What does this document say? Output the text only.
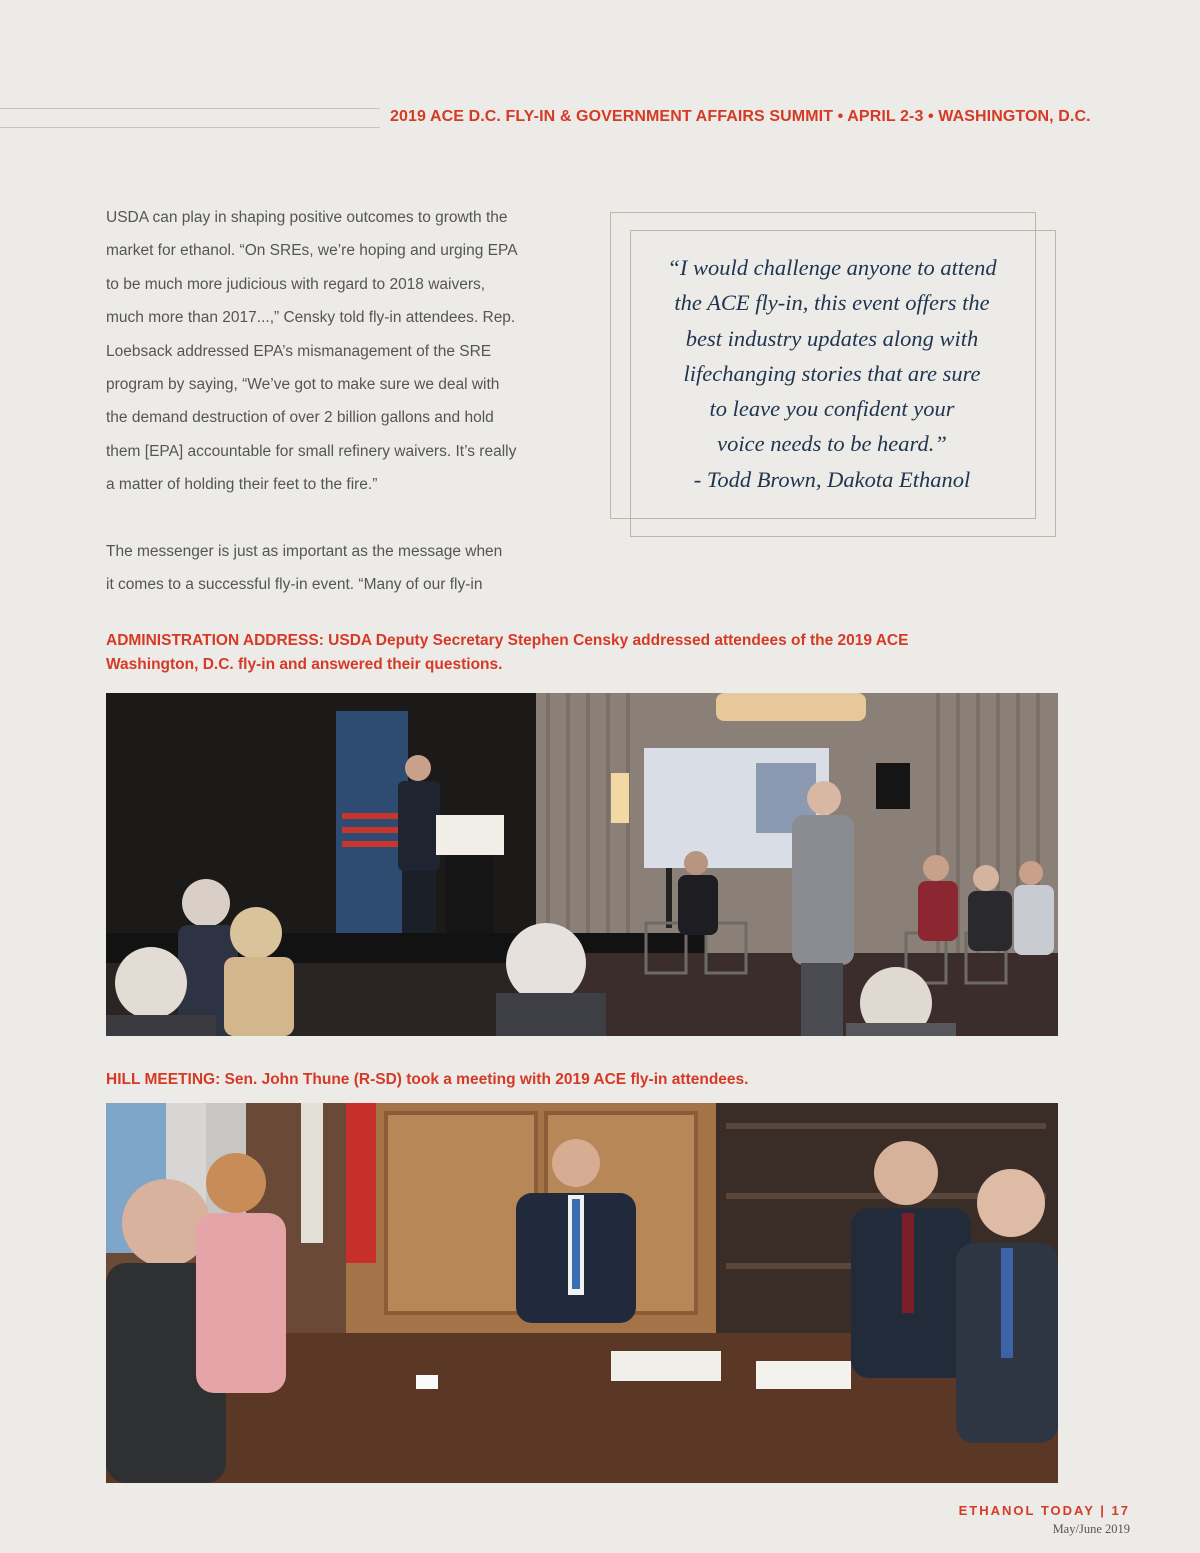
2019 ACE D.C. FLY-IN & GOVERNMENT AFFAIRS SUMMIT • APRIL 2-3 • WASHINGTON, D.C.
USDA can play in shaping positive outcomes to growth the
market for ethanol. “On SREs, we’re hoping and urging EPA
to be much more judicious with regard to 2018 waivers,
much more than 2017...,” Censky told fly-in attendees. Rep.
Loebsack addressed EPA’s mismanagement of the SRE
program by saying, “We’ve got to make sure we deal with
the demand destruction of over 2 billion gallons and hold
them [EPA] accountable for small refinery waivers. It’s really
a matter of holding their feet to the fire.”
The messenger is just as important as the message when
it comes to a successful fly-in event. “Many of our fly-in
“I would challenge anyone to attend
the ACE fly-in, this event offers the
best industry updates along with
lifechanging stories that are sure
to leave you confident your
voice needs to be heard.”
- Todd Brown, Dakota Ethanol
ADMINISTRATION ADDRESS: USDA Deputy Secretary Stephen Censky addressed attendees of the 2019 ACE
Washington, D.C. fly-in and answered their questions.
HILL MEETING: Sen. John Thune (R-SD) took a meeting with 2019 ACE fly-in attendees.
ETHANOL TODAY | 17
May/June 2019
